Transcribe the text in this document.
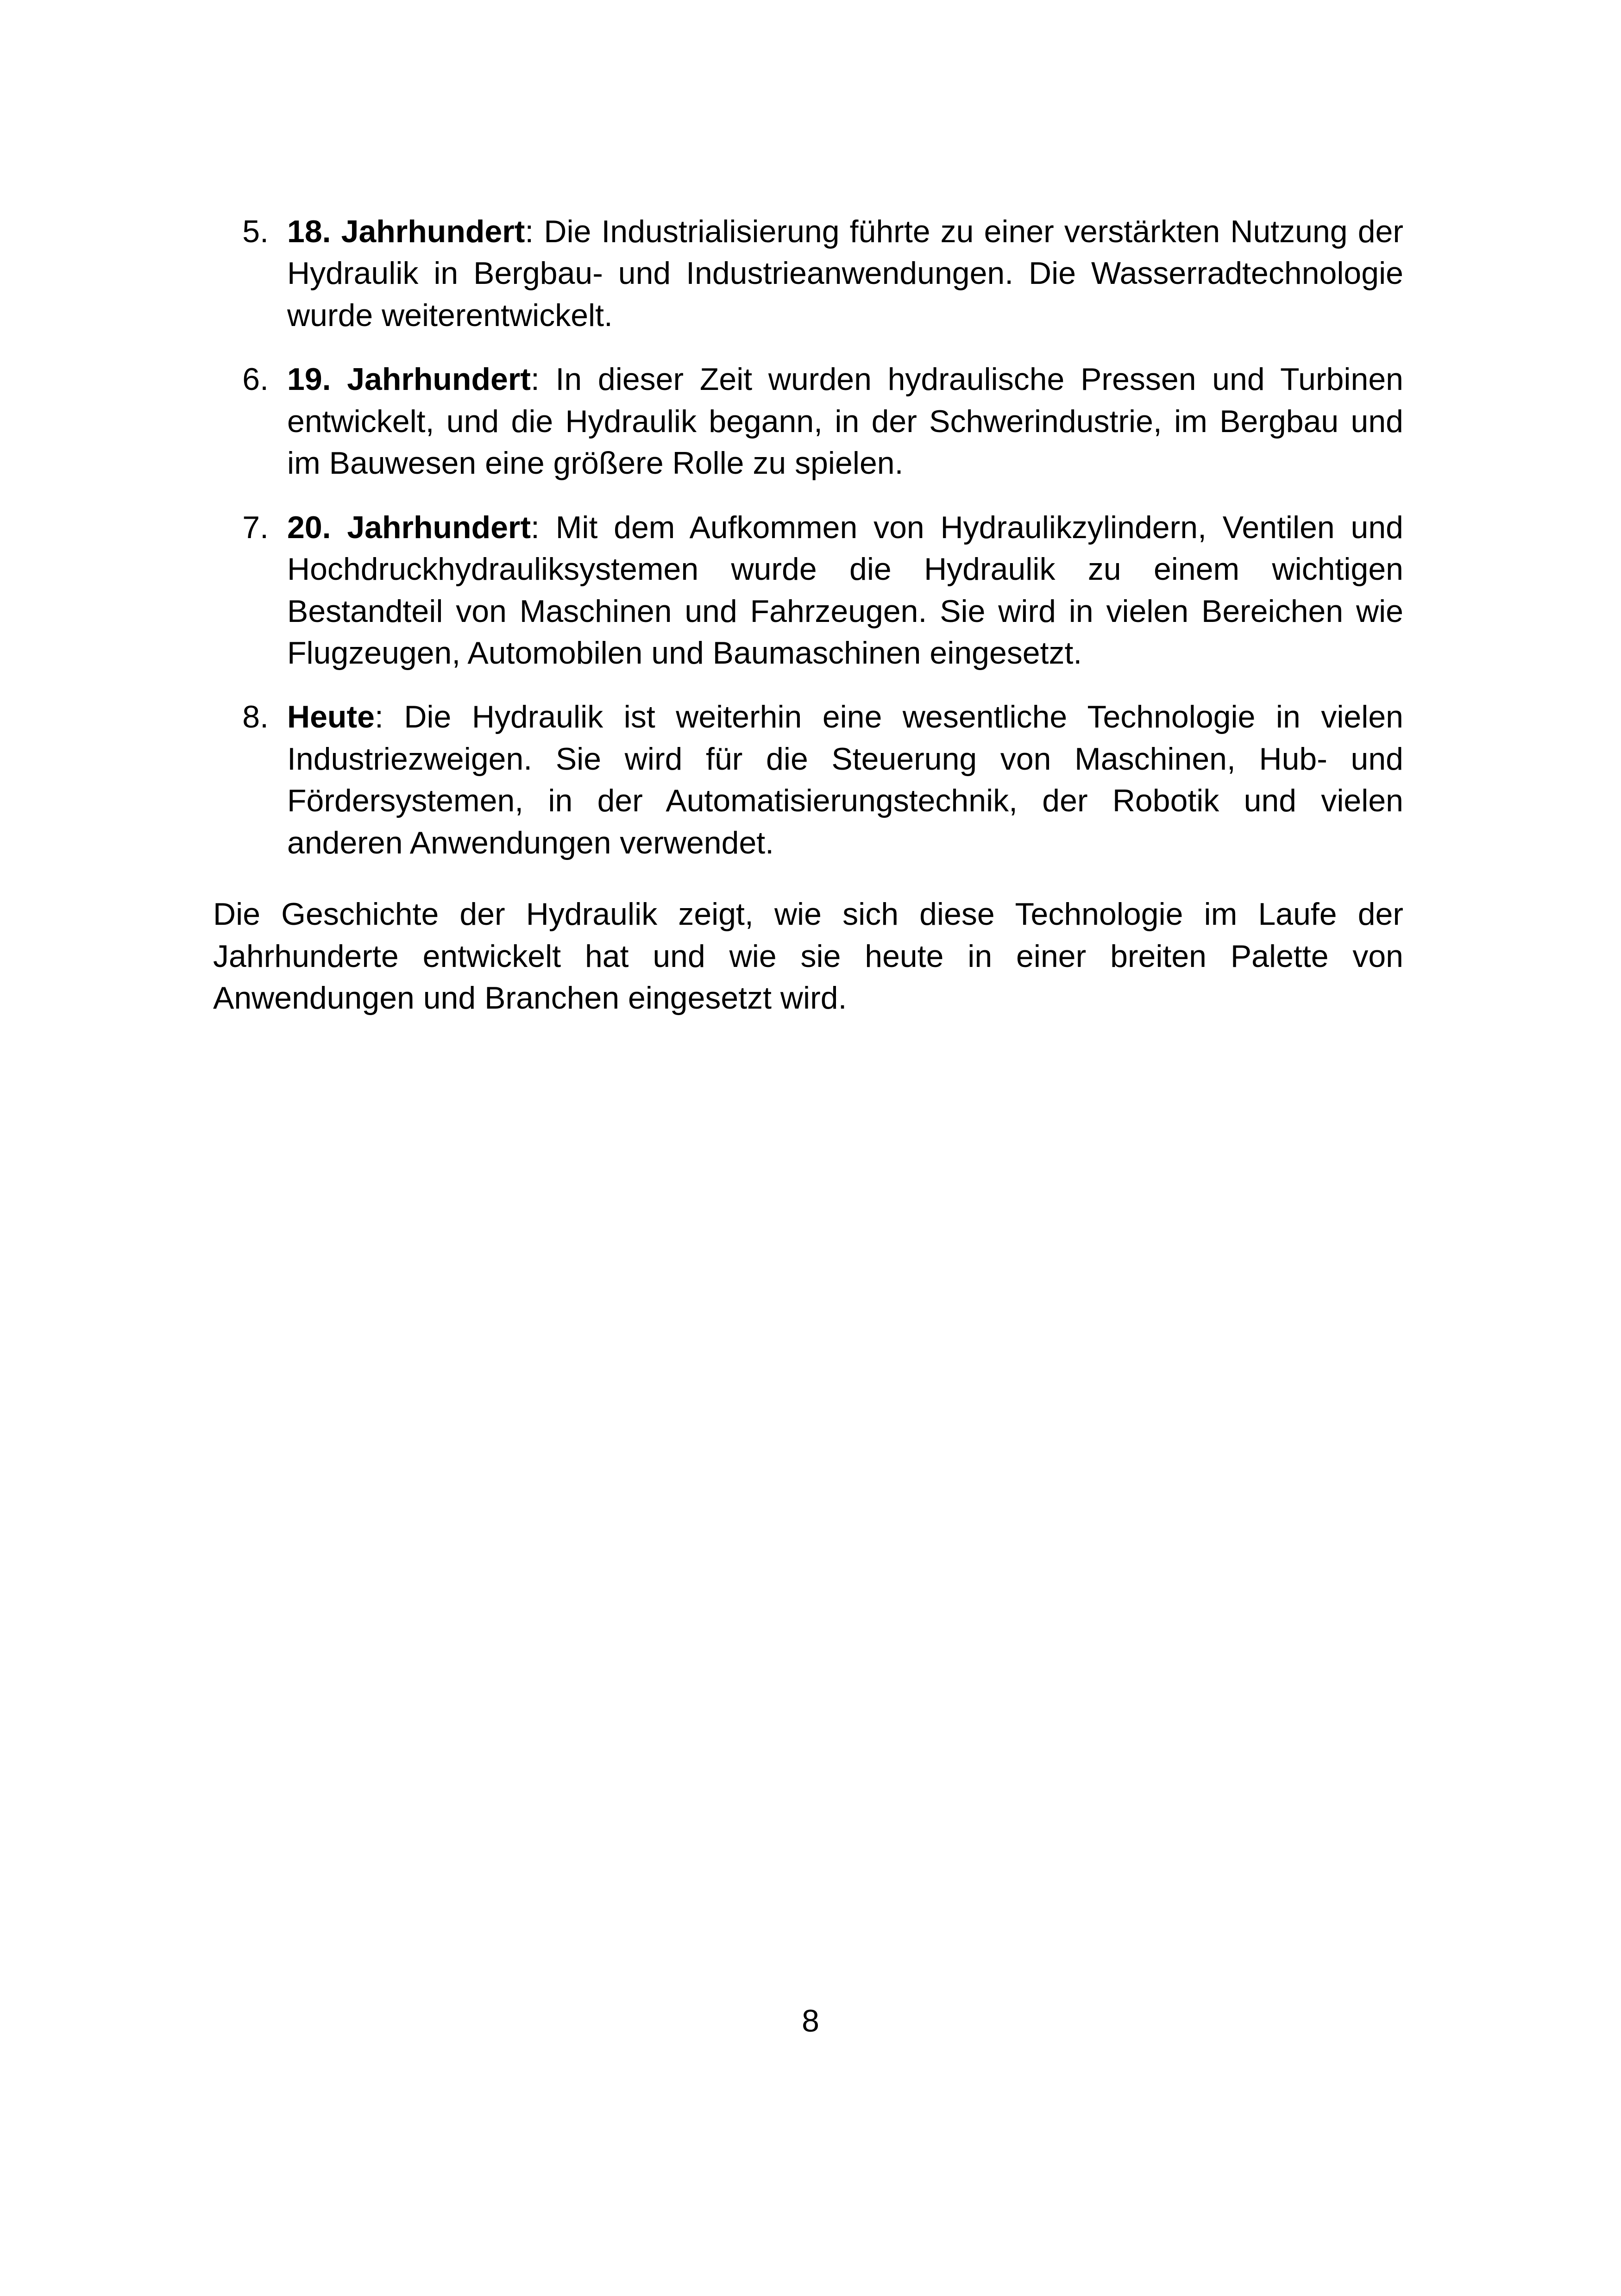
5. 18. Jahrhundert: Die Industrialisierung führte zu einer verstärkten Nutzung der Hydraulik in Bergbau- und Industrieanwendungen. Die Wasserradtechnologie wurde weiterentwickelt.
6. 19. Jahrhundert: In dieser Zeit wurden hydraulische Pressen und Turbinen entwickelt, und die Hydraulik begann, in der Schwerindustrie, im Bergbau und im Bauwesen eine größere Rolle zu spielen.
7. 20. Jahrhundert: Mit dem Aufkommen von Hydraulikzylindern, Ventilen und Hochdruckhydrauliksystemen wurde die Hydraulik zu einem wichtigen Bestandteil von Maschinen und Fahrzeugen. Sie wird in vielen Bereichen wie Flugzeugen, Automobilen und Baumaschinen eingesetzt.
8. Heute: Die Hydraulik ist weiterhin eine wesentliche Technologie in vielen Industriezweigen. Sie wird für die Steuerung von Maschinen, Hub- und Fördersystemen, in der Automatisierungstechnik, der Robotik und vielen anderen Anwendungen verwendet.

Die Geschichte der Hydraulik zeigt, wie sich diese Technologie im Laufe der Jahrhunderte entwickelt hat und wie sie heute in einer breiten Palette von Anwendungen und Branchen eingesetzt wird.

8
